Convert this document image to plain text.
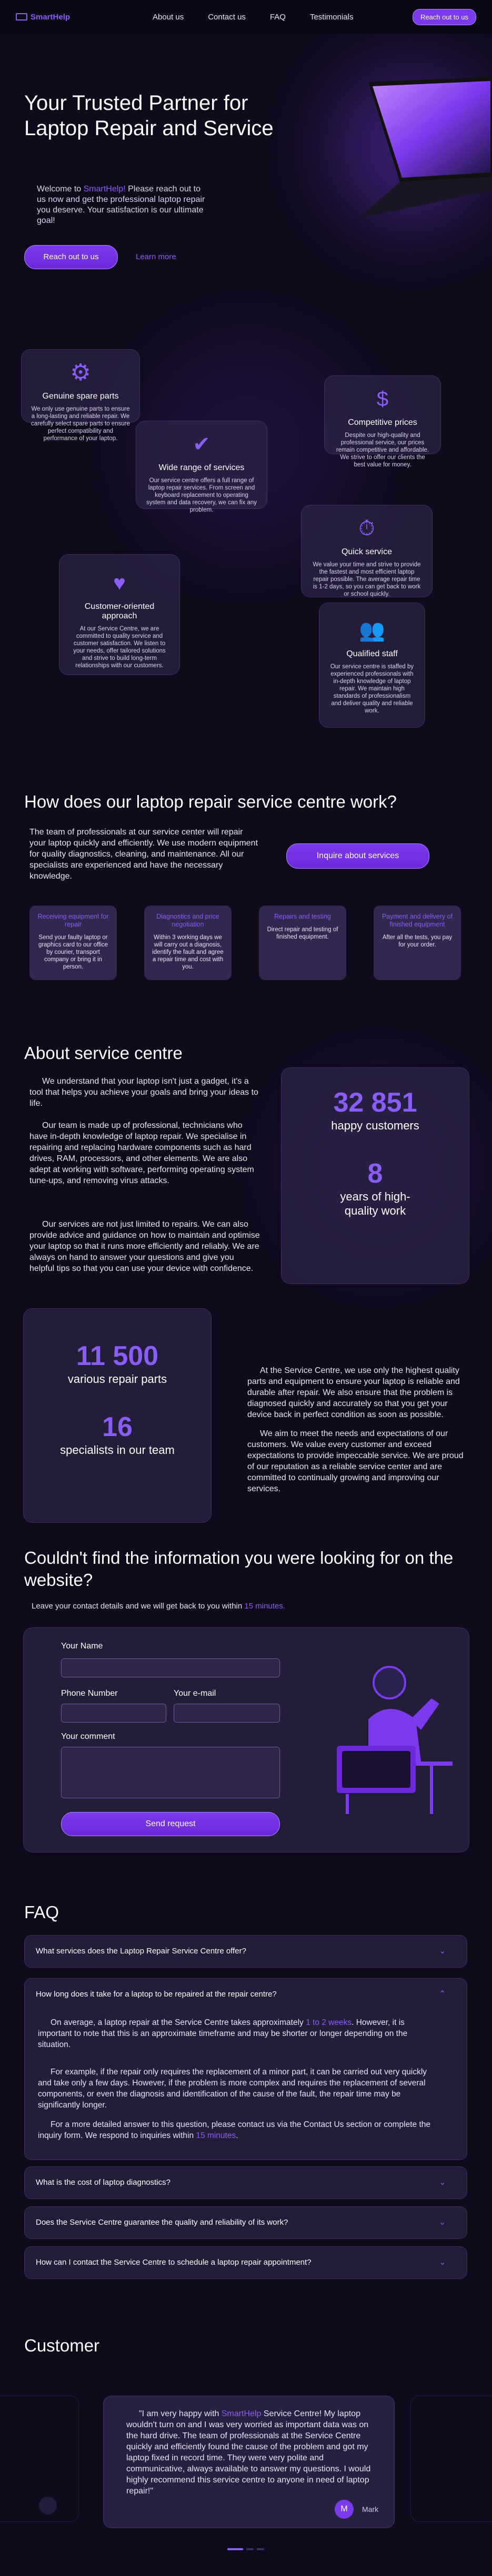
SmartHelp	About us	Contact us	FAQ	Testimonials	Reach out to us
Your Trusted Partner for Laptop Repair and Service

Welcome to SmartHelp! Please reach out to us now and get the professional laptop repair you deserve. Your satisfaction is our ultimate goal!

Reach out to us	Learn more
⚙
Genuine spare parts

We only use genuine parts to ensure a long-lasting and reliable repair. We carefully select spare parts to ensure perfect compatibility and performance of your laptop.

$
Competitive prices

Despite our high-quality and professional service, our prices remain competitive and affordable. We strive to offer our clients the best value for money.

✔
Wide range of services

Our service centre offers a full range of laptop repair services. From screen and keyboard replacement to operating system and data recovery, we can fix any problem.

⏱
Quick service

We value your time and strive to provide the fastest and most efficient laptop repair possible. The average repair time is 1-2 days, so you can get back to work or school quickly.

♥
Customer-oriented approach

At our Service Centre, we are committed to quality service and customer satisfaction. We listen to your needs, offer tailored solutions and strive to build long-term relationships with our customers.

👥
Qualified staff

Our service centre is staffed by experienced professionals with in-depth knowledge of laptop repair. We maintain high standards of professionalism and deliver quality and reliable work.

How does our laptop repair service centre work?

The team of professionals at our service center will repair your laptop quickly and efficiently. We use modern equipment for quality diagnostics, cleaning, and maintenance. All our specialists are experienced and have the necessary knowledge.

Inquire about services
Receiving equipment for repair

Send your faulty laptop or graphics card to our office by courier, transport company or bring it in person.

Diagnostics and price negotiation

Within 3 working days we will carry out a diagnosis, identify the fault and agree a repair time and cost with you.

Repairs and testing

Direct repair and testing of finished equipment.

Payment and delivery of finished equipment

After all the tests, you pay for your order.

About service centre

We understand that your laptop isn't just a gadget, it's a tool that helps you achieve your goals and bring your ideas to life.

Our team is made up of professional, technicians who have in-depth knowledge of laptop repair. We specialise in repairing and replacing hardware components such as hard drives, RAM, processors, and other elements. We are also adept at working with software, performing operating system tune-ups, and removing virus attacks.

Our services are not just limited to repairs. We can also provide advice and guidance on how to maintain and optimise your laptop so that it runs more efficiently and reliably. We are always on hand to answer your questions and give you helpful tips so that you can use your device with confidence.

32 851
happy customers
8
years of high-quality work
11 500
various repair parts
16
specialists in our team

At the Service Centre, we use only the highest quality parts and equipment to ensure your laptop is reliable and durable after repair. We also ensure that the problem is diagnosed quickly and accurately so that you get your device back in perfect condition as soon as possible.

We aim to meet the needs and expectations of our customers. We value every customer and exceed expectations to provide impeccable service. We are proud of our reputation as a reliable service center and are committed to continually growing and improving our services.

Couldn't find the information you were looking for on the website?

Leave your contact details and we will get back to you within 15 minutes.

Your Name
Phone Number	Your e-mail
Your comment
Send request
FAQ
What services does the Laptop Repair Service Centre offer?	⌄
How long does it take for a laptop to be repaired at the repair centre?	⌃

On average, a laptop repair at the Service Centre takes approximately 1 to 2 weeks. However, it is important to note that this is an approximate timeframe and may be shorter or longer depending on the situation.

For example, if the repair only requires the replacement of a minor part, it can be carried out very quickly and take only a few days. However, if the problem is more complex and requires the replacement of several components, or even the diagnosis and identification of the cause of the fault, the repair time may be significantly longer.

For a more detailed answer to this question, please contact us via the Contact Us section or complete the inquiry form. We respond to inquiries within 15 minutes.

What is the cost of laptop diagnostics?	⌄
Does the Service Centre guarantee the quality and reliability of its work?	⌄
How can I contact the Service Centre to schedule a laptop repair appointment?	⌄
Customer

"I am very happy with SmartHelp Service Centre! My laptop wouldn't turn on and I was very worried as important data was on the hard drive. The team of professionals at the Service Centre quickly and efficiently found the cause of the problem and got my laptop fixed in record time. They were very polite and communicative, always available to answer my questions. I would highly recommend this service centre to anyone in need of laptop repair!"

M	Mark
